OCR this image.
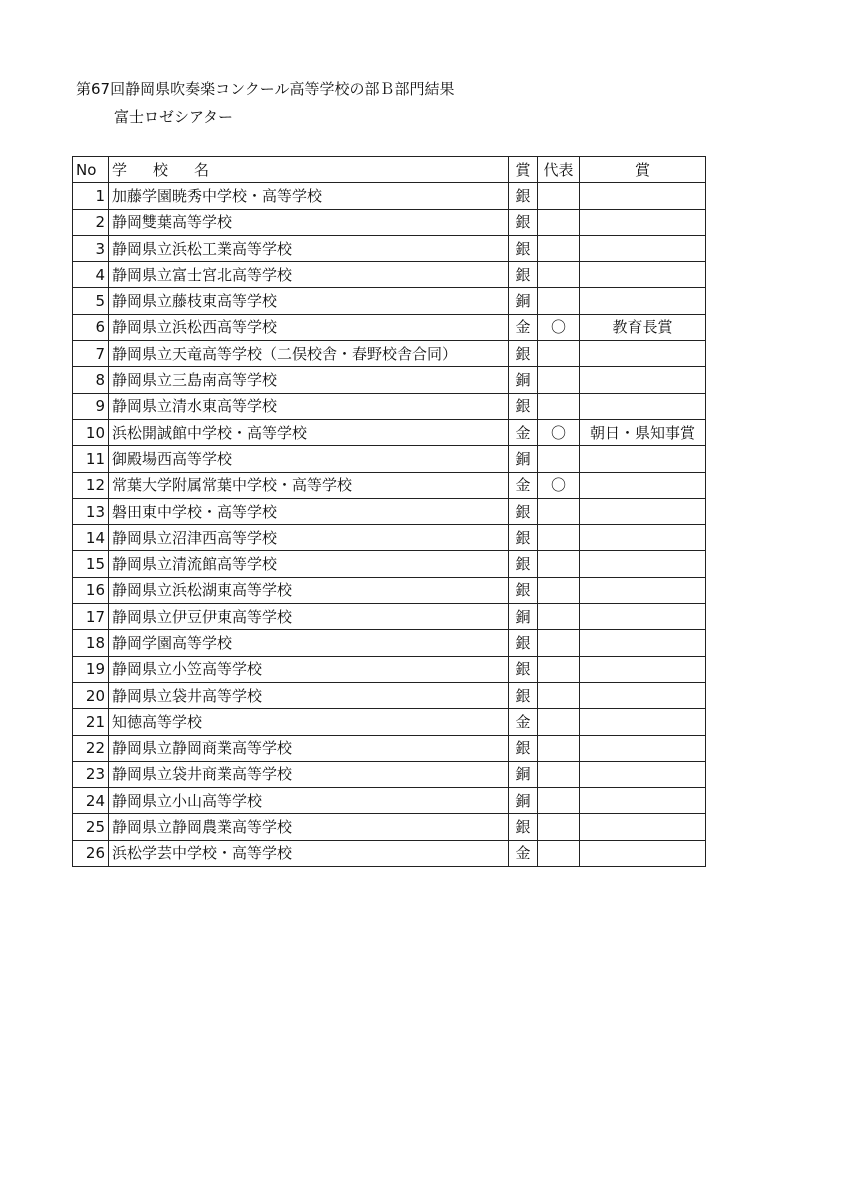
第67回静岡県吹奏楽コンクール高等学校の部Ｂ部門結果
富士ロゼシアター
No	学校名	賞	代表	賞
1	加藤学園暁秀中学校・高等学校	銀		
2	静岡雙葉高等学校	銀		
3	静岡県立浜松工業高等学校	銀		
4	静岡県立富士宮北高等学校	銀		
5	静岡県立藤枝東高等学校	銅		
6	静岡県立浜松西高等学校	金	〇	教育長賞
7	静岡県立天竜高等学校（二俣校舎・春野校舎合同）	銀		
8	静岡県立三島南高等学校	銅		
9	静岡県立清水東高等学校	銀		
10	浜松開誠館中学校・高等学校	金	〇	朝日・県知事賞
11	御殿場西高等学校	銅		
12	常葉大学附属常葉中学校・高等学校	金	〇	
13	磐田東中学校・高等学校	銀		
14	静岡県立沼津西高等学校	銀		
15	静岡県立清流館高等学校	銀		
16	静岡県立浜松湖東高等学校	銀		
17	静岡県立伊豆伊東高等学校	銅		
18	静岡学園高等学校	銀		
19	静岡県立小笠高等学校	銀		
20	静岡県立袋井高等学校	銀		
21	知徳高等学校	金		
22	静岡県立静岡商業高等学校	銀		
23	静岡県立袋井商業高等学校	銅		
24	静岡県立小山高等学校	銅		
25	静岡県立静岡農業高等学校	銀		
26	浜松学芸中学校・高等学校	金		
